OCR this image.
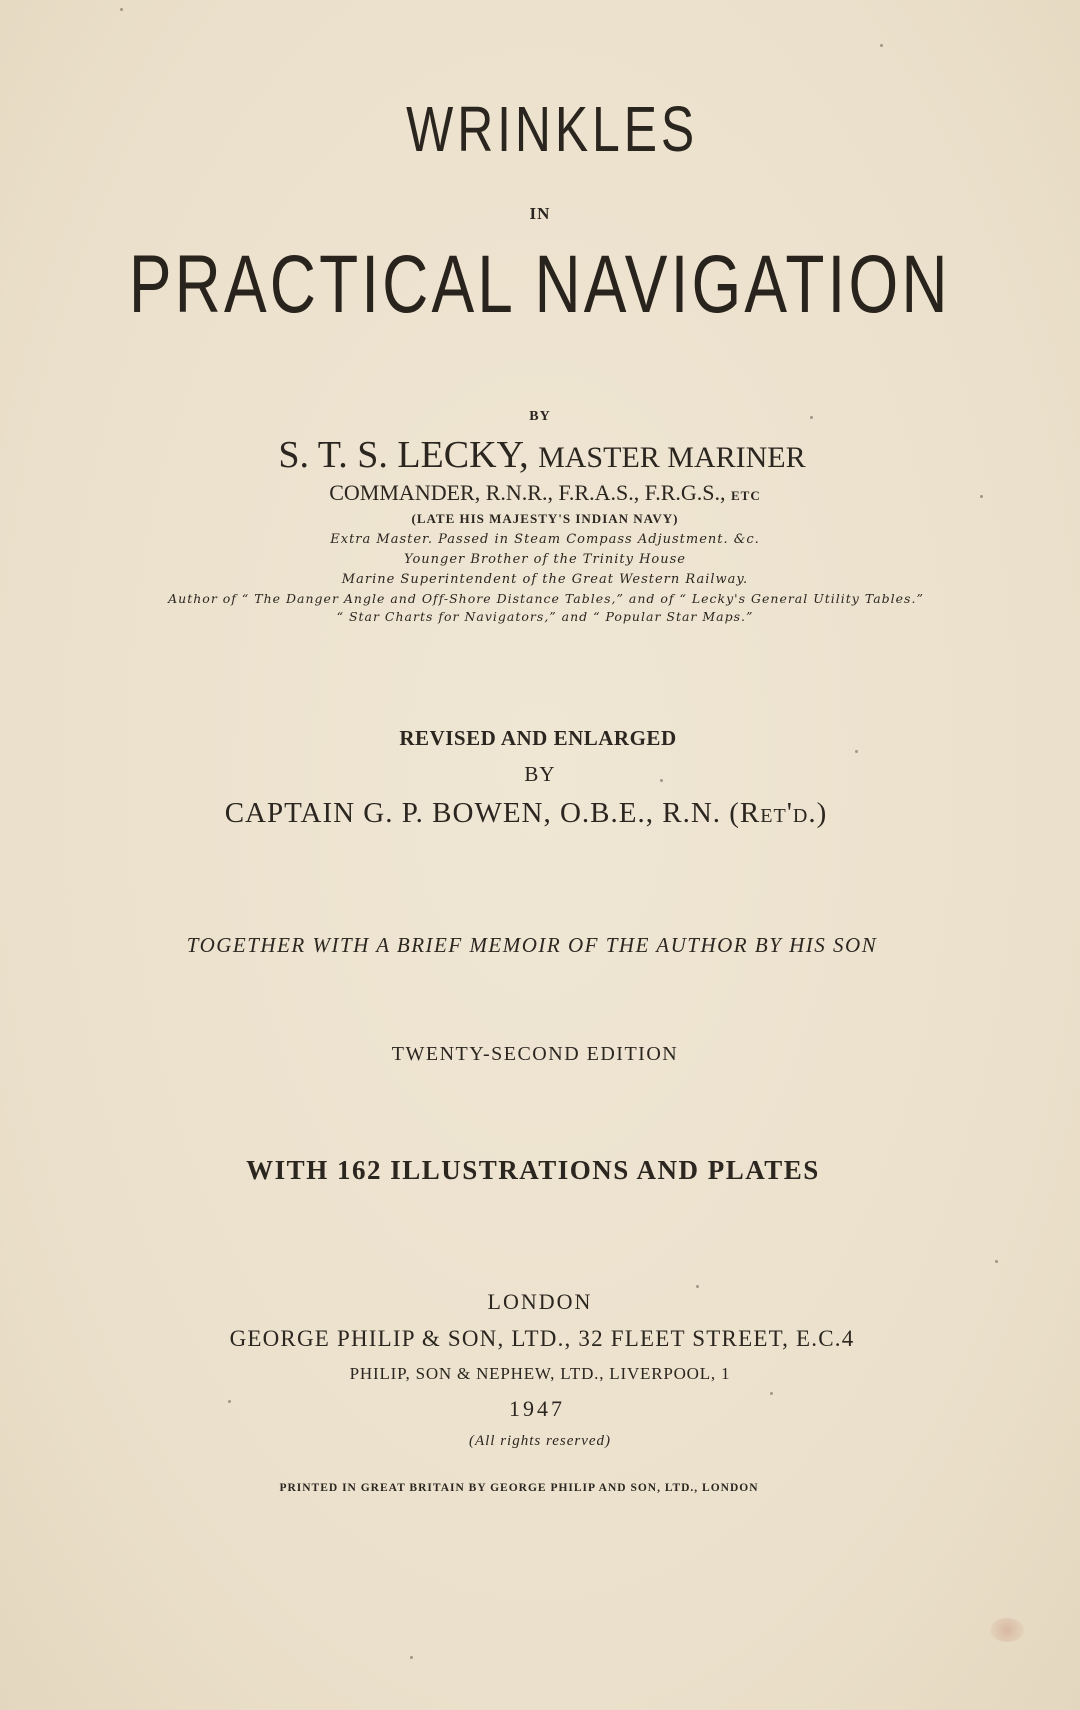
WRINKLES
IN
PRACTICAL NAVIGATION
BY
S. T. S. LECKY, MASTER MARINER
COMMANDER, R.N.R., F.R.A.S., F.R.G.S., ETC
(LATE HIS MAJESTY'S INDIAN NAVY)
Extra Master. Passed in Steam Compass Adjustment. &c.
Younger Brother of the Trinity House
Marine Superintendent of the Great Western Railway.
Author of “ The Danger Angle and Off-Shore Distance Tables,” and of “ Lecky's General Utility Tables.”
“ Star Charts for Navigators,” and “ Popular Star Maps.”
REVISED AND ENLARGED
BY
CAPTAIN G. P. BOWEN, O.B.E., R.N. (Ret'd.)
TOGETHER WITH A BRIEF MEMOIR OF THE AUTHOR BY HIS SON
TWENTY-SECOND EDITION
WITH 162 ILLUSTRATIONS AND PLATES
LONDON
GEORGE PHILIP & SON, LTD., 32 FLEET STREET, E.C.4
PHILIP, SON & NEPHEW, LTD., LIVERPOOL, 1
1947
(All rights reserved)
PRINTED IN GREAT BRITAIN BY GEORGE PHILIP AND SON, LTD., LONDON
